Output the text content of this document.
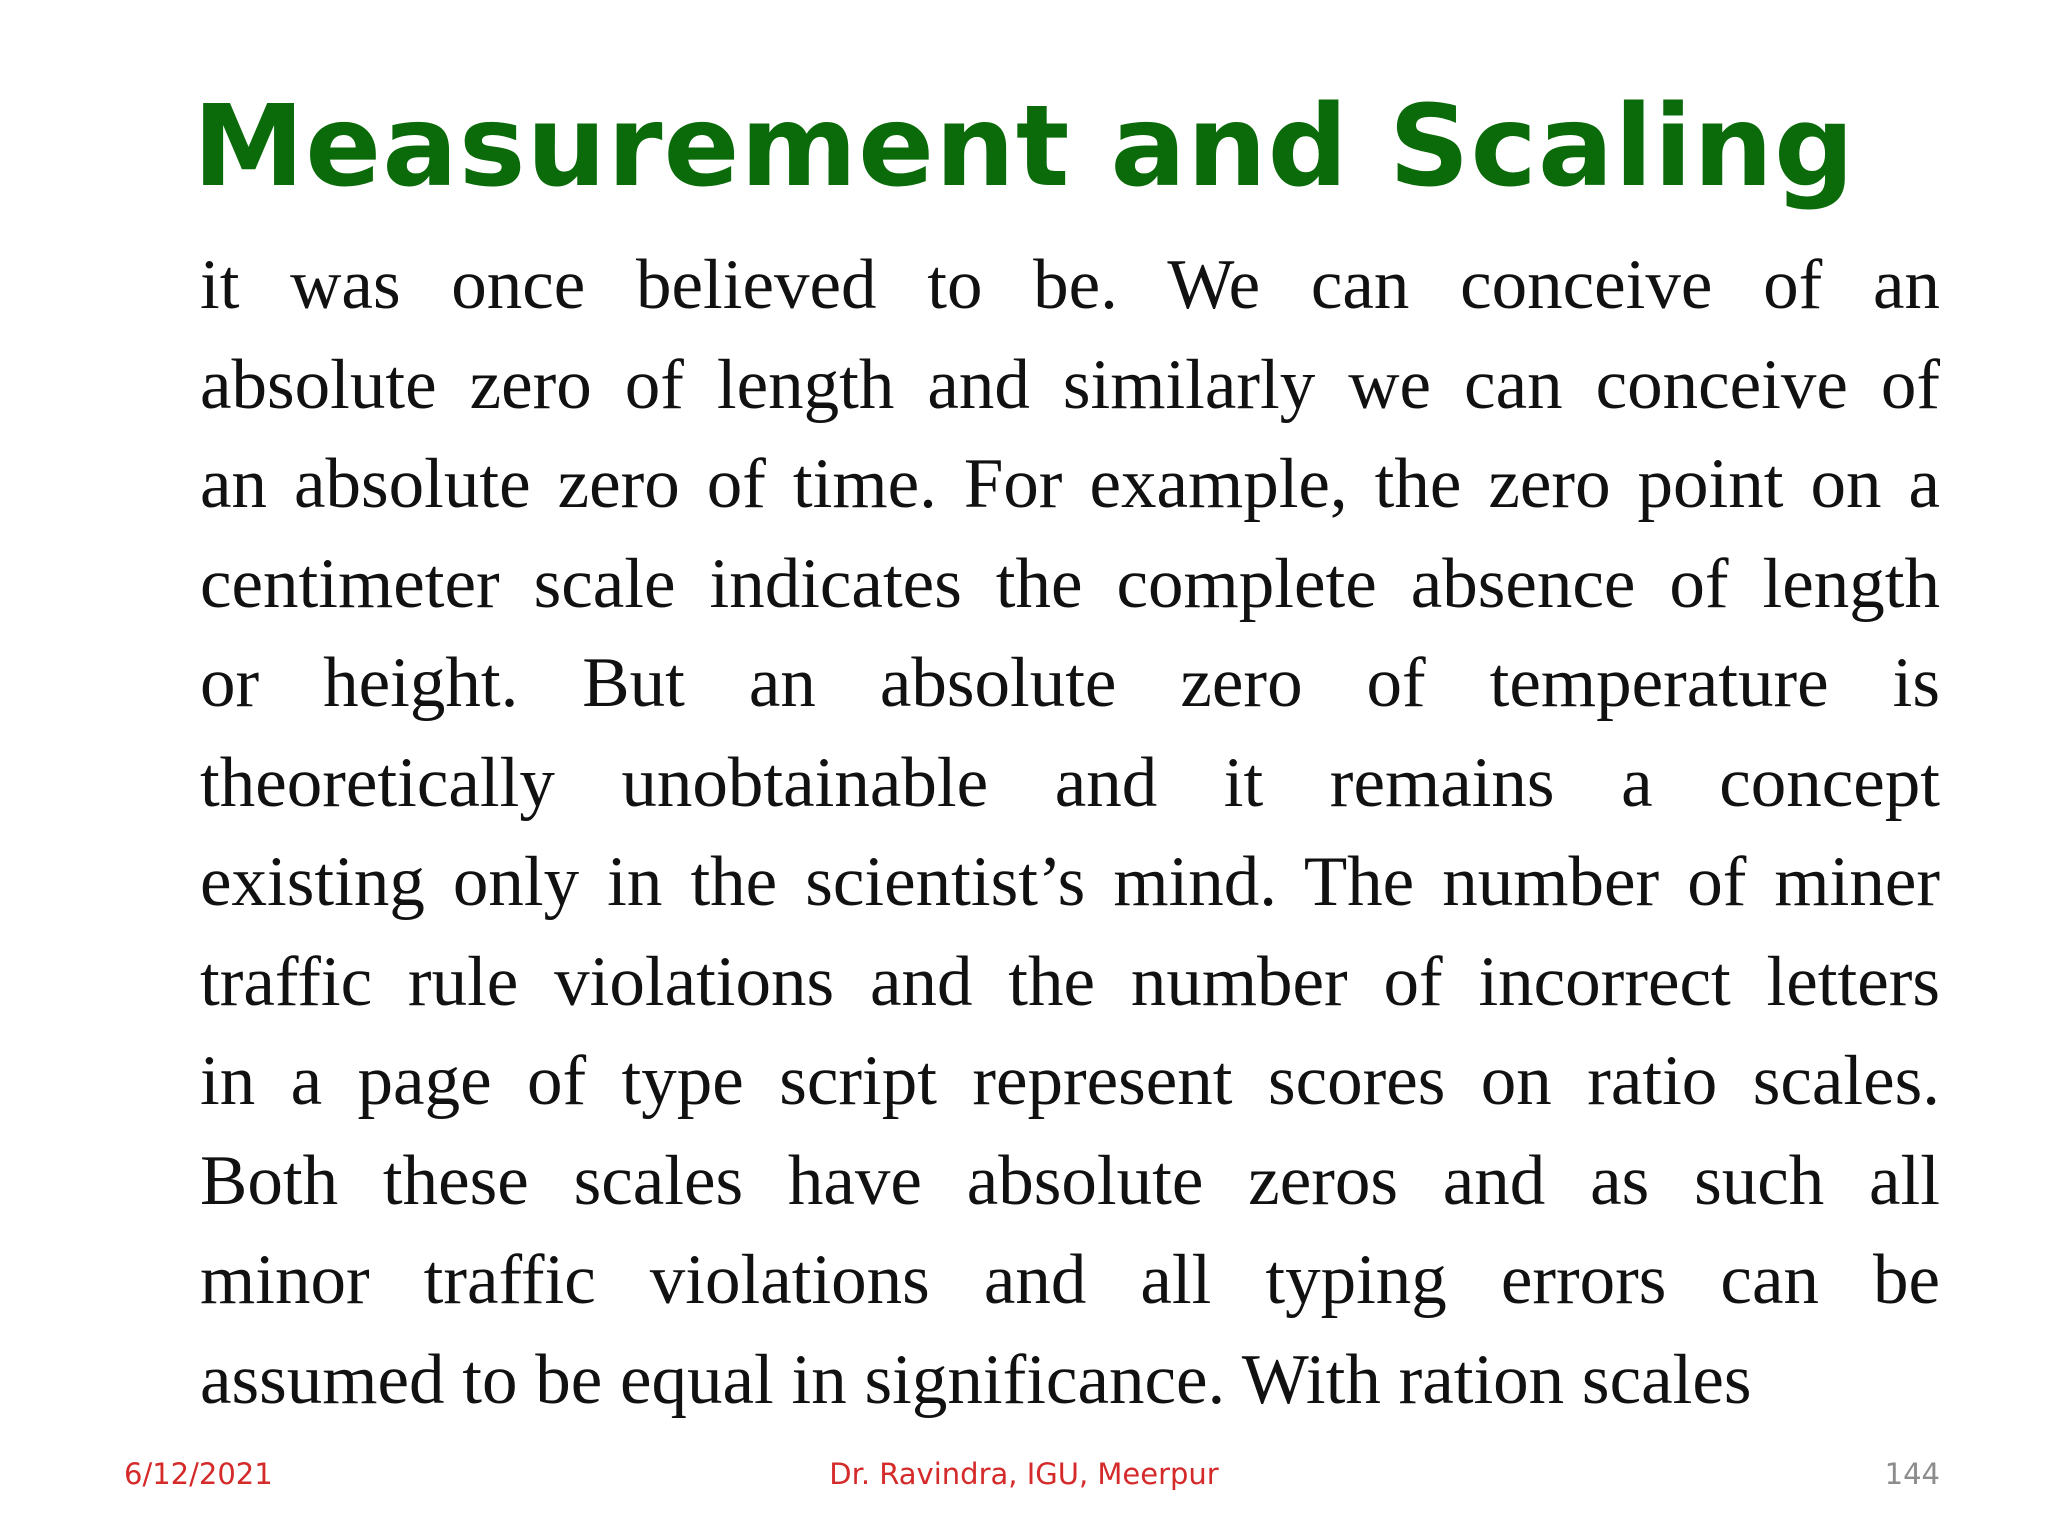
Measurement and Scaling
it was once believed to be. We can conceive of an
absolute zero of length and similarly we can conceive of
an absolute zero of time. For example, the zero point on a
centimeter scale indicates the complete absence of length
or height. But an absolute zero of temperature is
theoretically unobtainable and it remains a concept
existing only in the scientist’s mind. The number of miner
traffic rule violations and the number of incorrect letters
in a page of type script represent scores on ratio scales.
Both these scales have absolute zeros and as such all
minor traffic violations and all typing errors can be
assumed to be equal in significance. With ration scales
6/12/2021	Dr. Ravindra, IGU, Meerpur	144
